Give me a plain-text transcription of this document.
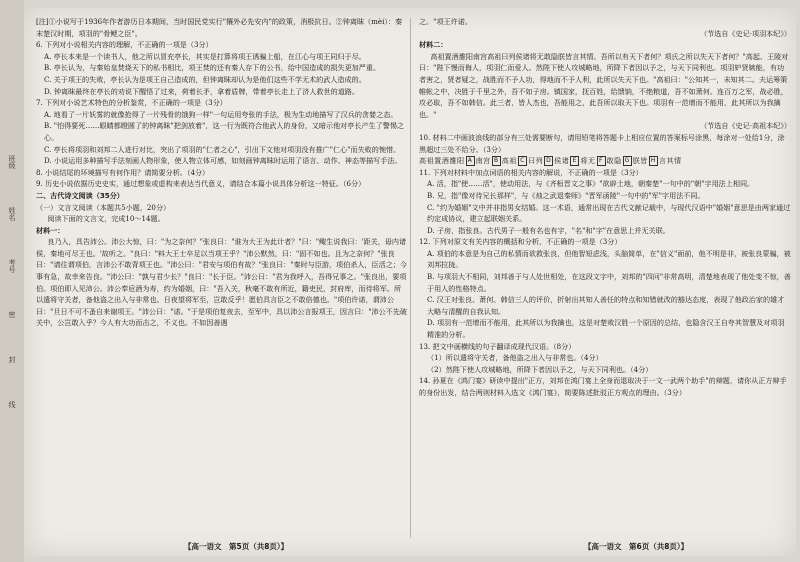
班级
姓名
考号
密
封
线

[注]①小说写于1936年作者游历日本期间，当时国民党实行"攘外必先安内"的政策，消极抗日。②钟离眜（mèi）：秦末楚汉时期，项羽的"骨鲠之臣"。

6. 下列对小说相关内容的理解，不正确的一项是（3分）

A. 亭长本来是一个读书人，他之所以冒充亭长，其实是打算将项王诱骗上船，在江心与项王同归于尽。

B. 亭长认为，与秦始皇焚烧天下的私书相比，项王焚的还有秦人存下的公书，给中国造成的损失更加严重。

C. 关于项王的失败，亭长认为是项王自己造成的，但钟离眜却认为是他们这些不学无术的武人造成的。

D. 钟离眜最终在亭长的劝说下醒悟了过来，荷着长矛，拿着盾牌，带着亭长走上了济人救世的道路。

7. 下列对小说艺术特色的分析鉴赏，不正确的一项是（3分）

A. 地看了一片妖雾的就像抢得了一片残骨的饿狗一样"一句运用夸张的手法，极为生动地描写了汉兵的贪婪之态。

B. "怕得要死……眼睛都瞪圆了的钟离眜"把剑放着"，这一行为既符合他武人的身份，又暗示他对亭长产生了警惕之心。

C. 亭长将项羽和刘邦二人进行对比，突出了项羽的"仁者之心"，引出下文他对项羽没有推广"仁心"而失败的惋惜。

D. 小说运用多种描写手法刻画人物形象，使人物立体可感，如刻画钟离眜时运用了语言、动作、神态等描写手法。

8. 小说结尾的环境描写有何作用？请简要分析。（4分）

9. 历史小说依据历史史实，通过想象或虚构来表达当代意义，请结合本篇小说具体分析这一特征。（6分）

二、古代诗文阅读（35分）

（一）文言文阅读（本题共5小题，20分）

阅读下面的文言文，完成10～14题。

材料一：

良乃入，具告沛公。沛公大惊，曰："为之奈何？"张良曰："谁为大王为此计者？"曰："鲰生说我曰：'距关，毋内诸侯，秦地可尽王也。'故听之。"良曰："料大王士卒足以当项王乎？"沛公默然，曰："固不如也。且为之奈何？"张良曰："请往谓项伯，言沛公不敢背项王也。"沛公曰："君安与项伯有故？"张良曰："秦时与臣游，项伯杀人，臣活之；今事有急，故幸来告良。"沛公曰："孰与君少长？"良曰："长于臣。"沛公曰："君为我呼入，吾得兄事之。"张良出，要项伯。项伯即入见沛公。沛公奉卮酒为寿，约为婚姻，曰："吾入关，秋毫不敢有所近，籍吏民，封府库，而待将军。所以遣将守关者，备他盗之出入与非常也。日夜望将军至，岂敢反乎！愿伯具言臣之不敢倍德也。"项伯许诺，谓沛公曰："旦日不可不蚤自来谢项王。"沛公曰："诺。"于是项伯复夜去，至军中，具以沛公言报项王，因言曰："沛公不先破关中，公岂敢入乎？今人有大功而击之，不义也。不如因善遇

之。"项王许诺。

（节选自《史记·项羽本纪》）

材料二：

高祖置酒雒阳南宫高祖曰列侯诸将无敢隐朕皆言其情。吾所以有天下者何？项氏之所以失天下者何？"高起、王陵对曰："陛下慢而侮人，项羽仁而爱人。然陛下使人攻城略地，所降下者因以予之，与天下同利也。项羽妒贤嫉能，有功者害之，贤者疑之，战胜而不予人功，得地而不予人利，此所以失天下也。"高祖曰："公知其一，未知其二。夫运筹策帷帐之中，决胜于千里之外，吾不如子房。镇国家，抚百姓，给馈饷，不绝粮道，吾不如萧何。连百万之军，战必胜，攻必取，吾不如韩信。此三者，皆人杰也，吾能用之，此吾所以取天下也。项羽有一范增而不能用，此其所以为我擒也。"

（节选自《史记·高祖本纪》）

10. 材料二中画波浪线的部分有三处需要断句，请用铅笔将答题卡上相应位置的答案标号涂黑，每涂对一处给1分，涂黑超过三处不给分。（3分）

高祖置酒雒阳 A 南宫 B 高祖 C 曰列 D 侯诸 E 将无 F 敢隐 G 朕皆 H 言其情

11. 下列对材料中加点词语的相关内容的解说，不正确的一项是（3分）

A. 活，指"使……活"，使动用法，与《齐桓晋文之事》"欲辟土地，朝秦楚"一句中的"朝"字用法上相同。

B. 兄，指"像对待兄长那样"，与《烛之武退秦师》"晋军函陵"一句中的"军"字用法不同。

C. "约为婚姻"文中并非指男女结婚。这一术语，通常出现在古代文献记载中，与现代汉语中"婚姻"意思是由两家通过约定成协议，建立起联姻关系。

D. 子房，指张良。古代男子一般有名也有字，"名"和"字"在意思上并无关联。

12. 下列对原文有关内容的概括和分析，不正确的一项是（3分）

A. 项伯的本意是为自己的私情而欲救张良，但他智短虑浅，头脑简单，在"信义"面前，他不明是非，被张良蒙骗，被刘邦拉拢。

B. 与项羽大不相同，刘邦善于与人处世相处，在这段文字中，刘邦的"四问"非常高明，清楚地表现了他处变不惊，善于用人的性格特点。

C. 汉王对张良、萧何、韩信三人的评价，折射出其知人善任的特点和知错就改的豁达态度，表现了他政治家的雄才大略与清醒的自我认知。

D. 项羽有一范增而不能用，此其所以为我擒也，这是对楚败汉胜一个原因的总结，也隐含汉王自夸其智慧及对项羽精准的分析。

13. 把文中画横线的句子翻译成现代汉语。（8分）

（1）所以遣将守关者，备他盗之出入与非常也。（4分）

（2）然陛下使人攻城略地，所降下者因以予之，与天下同利也。（4分）

14. 孙夏在《鸿门宴》研读中提出"正方，刘邦在鸿门宴上全身而退取决于一文一武两个助手"的辩题，请你从正方辩手的身份出发，结合两则材料入选文《鸿门宴》，简要陈述批驳正方观点的理由。（3分）

【高一语文　第5页（共8页）】	【高一语文　第6页（共8页）】
